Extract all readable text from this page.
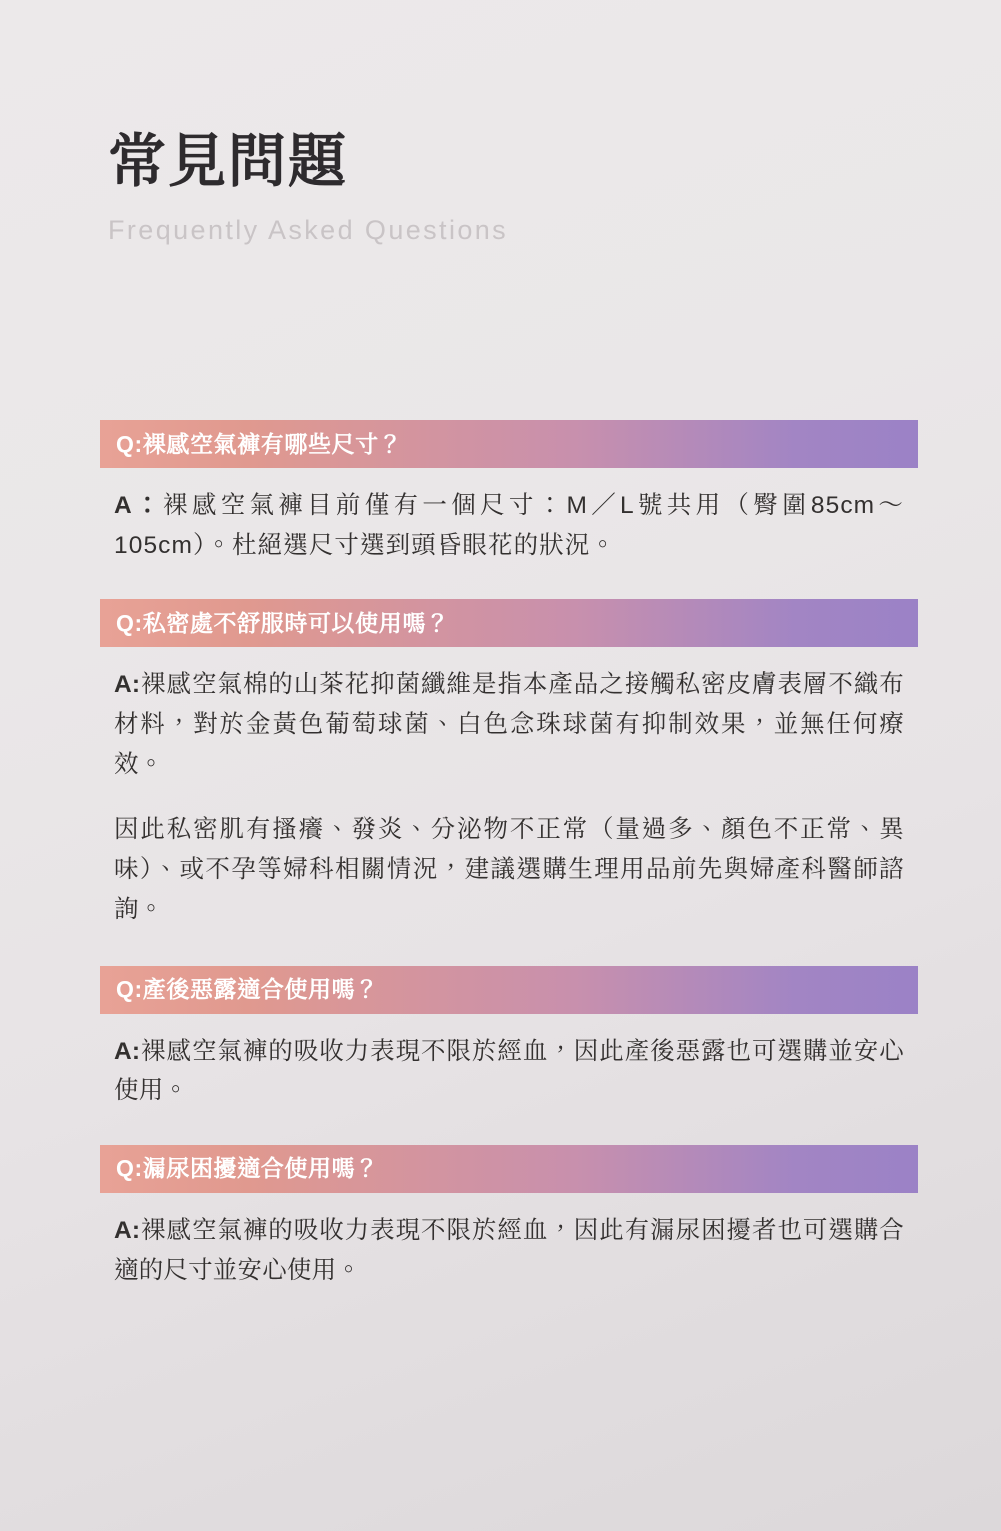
常見問題
Frequently Asked Questions
Q:裸感空氣褲有哪些尺寸？

A：裸感空氣褲目前僅有一個尺寸：M／L號共用（臀圍85cm〜105cm）。杜絕選尺寸選到頭昏眼花的狀況。

Q:私密處不舒服時可以使用嗎？

A:裸感空氣棉的山茶花抑菌纖維是指本產品之接觸私密皮膚表層不織布材料，對於金黃色葡萄球菌、白色念珠球菌有抑制效果，並無任何療效。

因此私密肌有搔癢、發炎、分泌物不正常（量過多、顏色不正常、異味）、或不孕等婦科相關情況，建議選購生理用品前先與婦產科醫師諮詢。

Q:產後惡露適合使用嗎？

A:裸感空氣褲的吸收力表現不限於經血，因此產後惡露也可選購並安心使用。

Q:漏尿困擾適合使用嗎？

A:裸感空氣褲的吸收力表現不限於經血，因此有漏尿困擾者也可選購合適的尺寸並安心使用。
